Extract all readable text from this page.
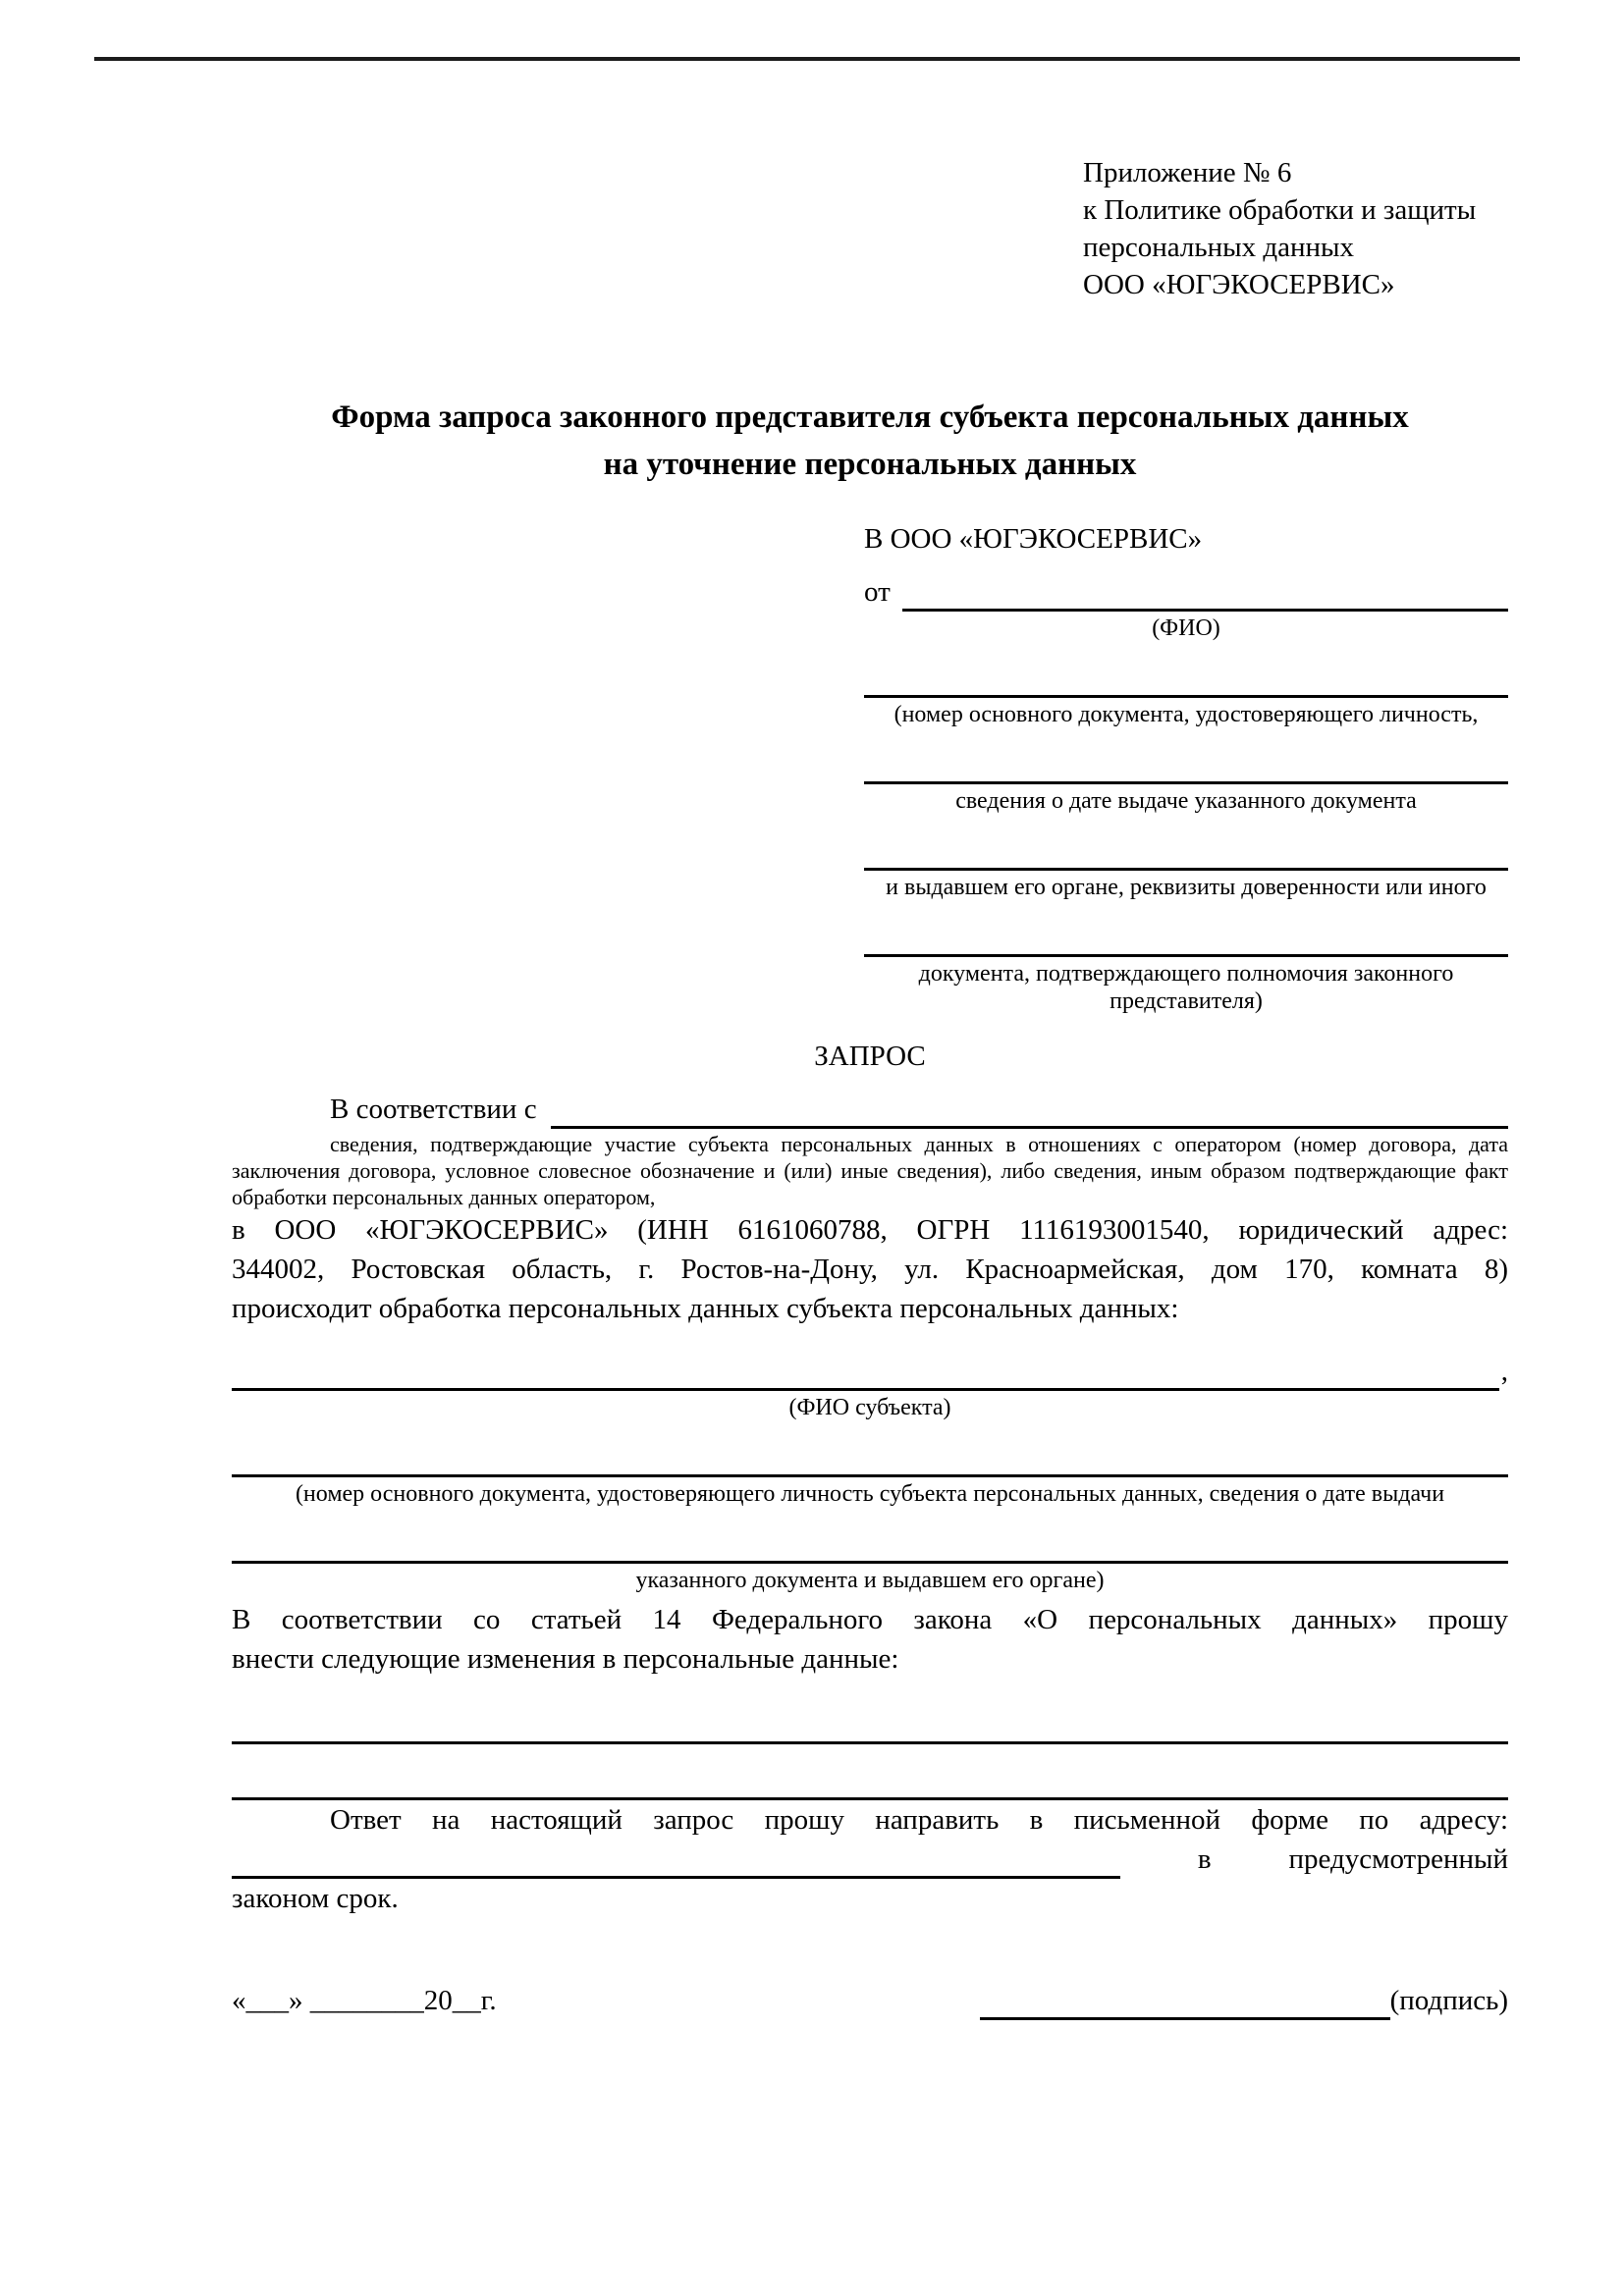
Приложение № 6
к Политике обработки и защиты
персональных данных
ООО «ЮГЭКОСЕРВИС»
Форма запроса законного представителя субъекта персональных данных
на уточнение персональных данных
В ООО «ЮГЭКОСЕРВИС»
от
(ФИО)
(номер основного документа, удостоверяющего личность,
сведения о дате выдаче указанного документа
и выдавшем его органе, реквизиты доверенности или иного
документа, подтверждающего полномочия законного представителя)
ЗАПРОС
В соответствии с
сведения, подтверждающие участие субъекта персональных данных в отношениях с оператором (номер договора, дата
заключения договора, условное словесное обозначение и (или) иные сведения), либо сведения, иным образом подтверждающие факт
обработки персональных данных оператором,
в ООО «ЮГЭКОСЕРВИС» (ИНН 6161060788, ОГРН 1116193001540, юридический адрес:
344002, Ростовская область, г. Ростов-на-Дону, ул. Красноармейская, дом 170, комната 8)
происходит обработка персональных данных субъекта персональных данных:
,
(ФИО субъекта)
(номер основного документа, удостоверяющего личность субъекта персональных данных, сведения о дате выдачи
указанного документа и выдавшем его органе)
В соответствии со статьей 14 Федерального закона «О персональных данных» прошу
внести следующие изменения в персональные данные:
Ответ на настоящий запрос прошу направить в письменной форме по адресу:
в	предусмотренный
законом срок.
«___» ________20__г.	(подпись)
